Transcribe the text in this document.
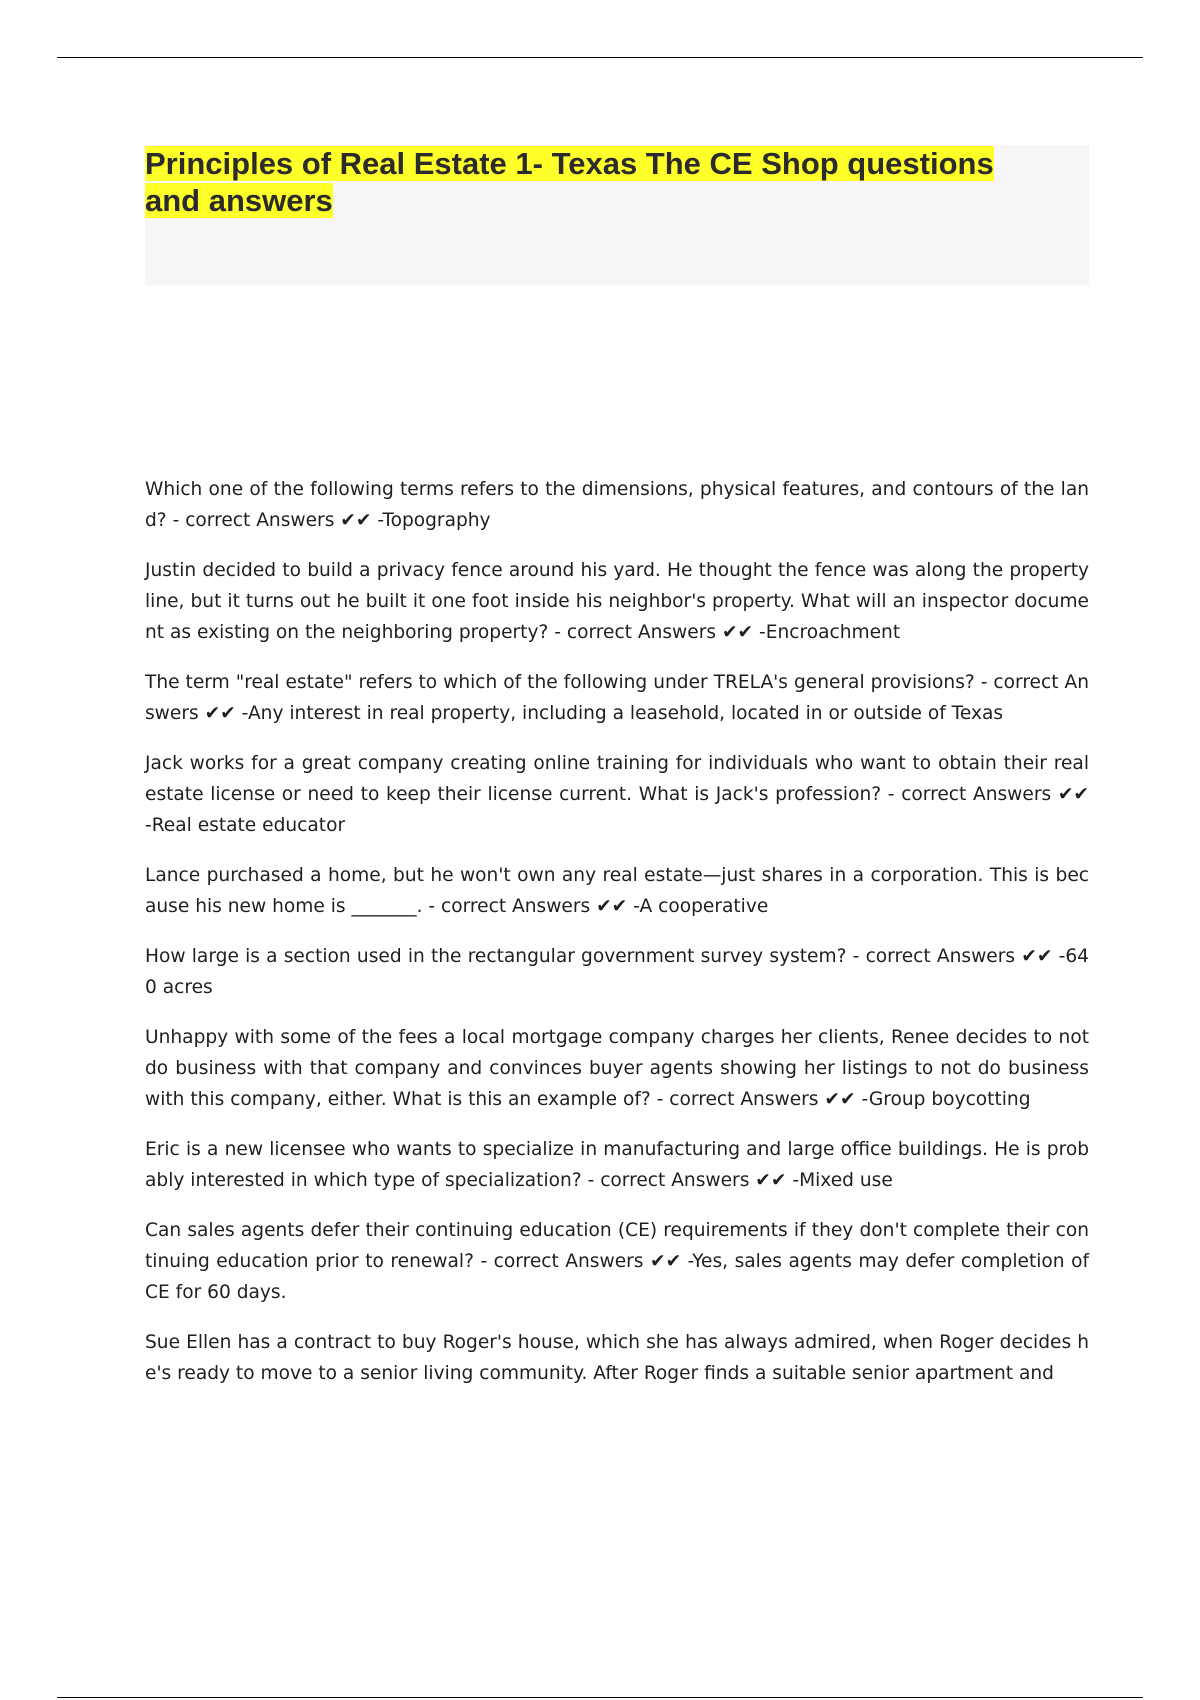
Principles of Real Estate 1- Texas The CE Shop questions and answers

Which one of the following terms refers to the dimensions, physical features, and contours of the land? - correct Answers ✔✔ -Topography

Justin decided to build a privacy fence around his yard. He thought the fence was along the property line, but it turns out he built it one foot inside his neighbor's property. What will an inspector document as existing on the neighboring property? - correct Answers ✔✔ -Encroachment

The term "real estate" refers to which of the following under TRELA's general provisions? - correct Answers ✔✔ -Any interest in real property, including a leasehold, located in or outside of Texas

Jack works for a great company creating online training for individuals who want to obtain their real estate license or need to keep their license current. What is Jack's profession? - correct Answers ✔✔ -Real estate educator

Lance purchased a home, but he won't own any real estate—just shares in a corporation. This is because his new home is _______. - correct Answers ✔✔ -A cooperative

How large is a section used in the rectangular government survey system? - correct Answers ✔✔ -640 acres

Unhappy with some of the fees a local mortgage company charges her clients, Renee decides to not do business with that company and convinces buyer agents showing her listings to not do business with this company, either. What is this an example of? - correct Answers ✔✔ -Group boycotting

Eric is a new licensee who wants to specialize in manufacturing and large office buildings. He is probably interested in which type of specialization? - correct Answers ✔✔ -Mixed use

Can sales agents defer their continuing education (CE) requirements if they don't complete their continuing education prior to renewal? - correct Answers ✔✔ -Yes, sales agents may defer completion of CE for 60 days.

Sue Ellen has a contract to buy Roger's house, which she has always admired, when Roger decides he's ready to move to a senior living community. After Roger finds a suitable senior apartment and
